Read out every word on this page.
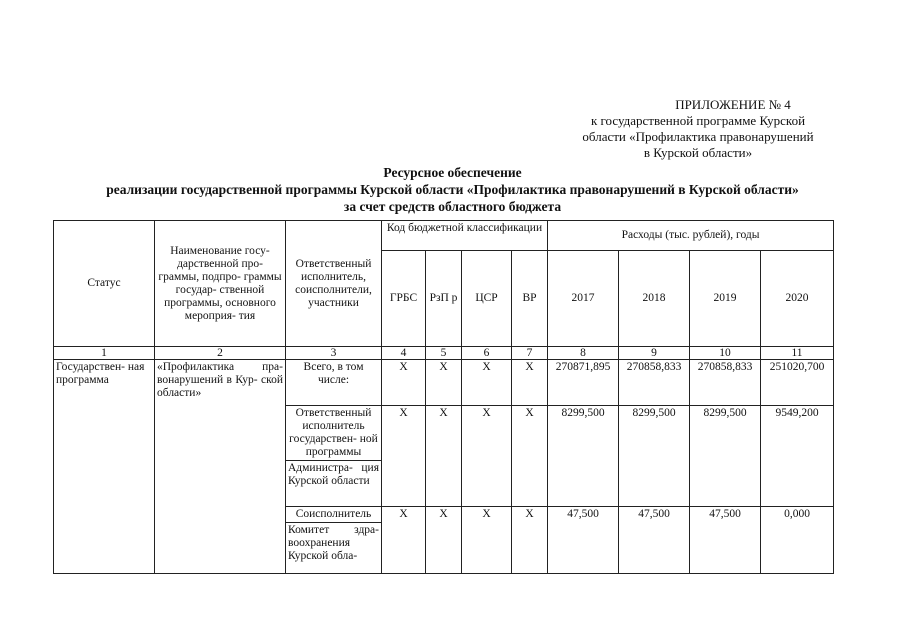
ПРИЛОЖЕНИЕ № 4
к государственной программе Курской
области «Профилактика правонарушений
в Курской области»
Ресурсное обеспечение
реализации государственной программы Курской области «Профилактика правонарушений в Курской области»
за счет средств областного бюджета
Статус	Наименование госу- дарственной про- граммы, подпро- граммы государ- ственной программы, основного мероприя- тия	Ответственный исполнитель, соисполнители, участники	Код бюджетной классификации				Расходы (тыс. рублей), годы			
			ГРБС	РзП р	ЦСР	ВР	2017	2018	2019	2020
1	2	3	4	5	6	7	8	9	10	11
Государствен- ная программа	«Профилактика пра- вонарушений в Кур- ской области»	Всего, в том числе:	X	X	X	X	270871,895	270858,833	270858,833	251020,700
		Ответственный исполнитель государствен- ной программы	X	X	X	X	8299,500	8299,500	8299,500	9549,200
		Администра- ция Курской области								
		Соисполнитель	X	X	X	X	47,500	47,500	47,500	0,000
		Комитет здра- воохранения Курской обла-								
